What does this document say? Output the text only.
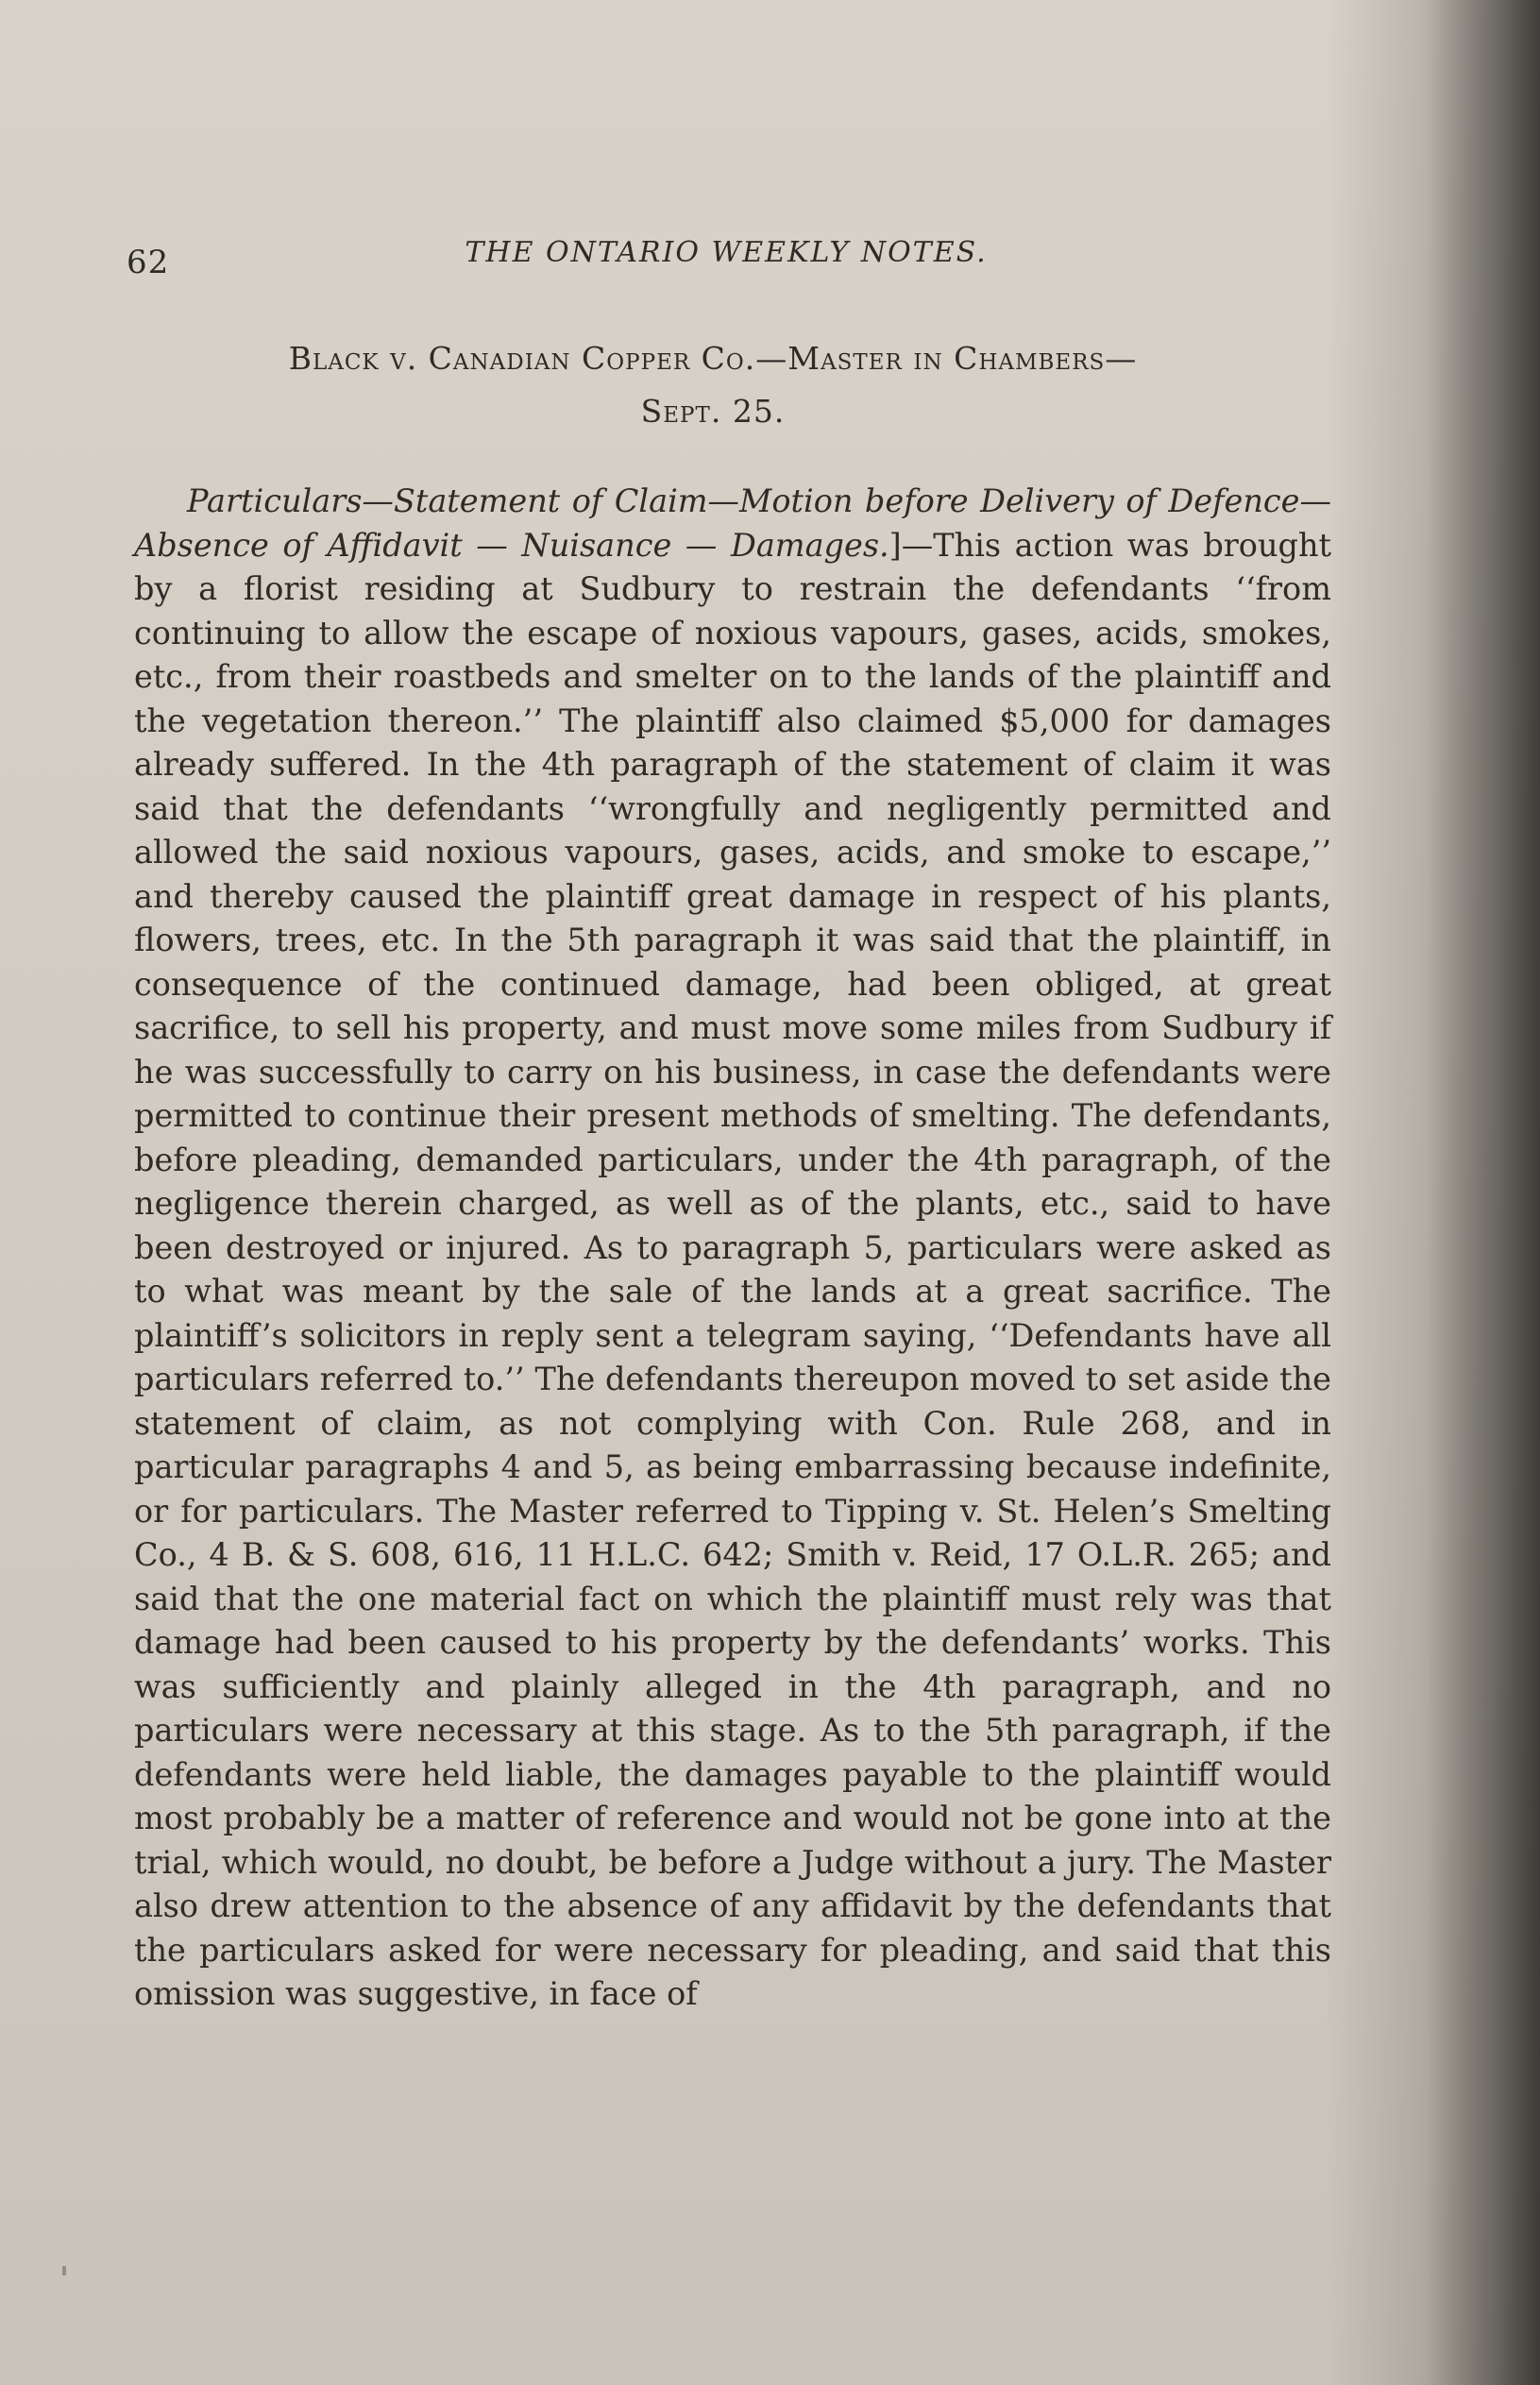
62	THE ONTARIO WEEKLY NOTES.
Black v. Canadian Copper Co.—Master in Chambers—
Sept. 25.

Particulars—Statement of Claim—Motion before Delivery of Defence—Absence of Affidavit — Nuisance — Damages.]—This action was brought by a florist residing at Sudbury to restrain the defendants ‘‘from continuing to allow the escape of noxious vapours, gases, acids, smokes, etc., from their roastbeds and smelter on to the lands of the plaintiff and the vegetation thereon.’’ The plaintiff also claimed $5,000 for damages already suffered. In the 4th paragraph of the statement of claim it was said that the defendants ‘‘wrongfully and negligently permitted and allowed the said noxious vapours, gases, acids, and smoke to escape,’’ and thereby caused the plaintiff great damage in respect of his plants, flowers, trees, etc. In the 5th paragraph it was said that the plaintiff, in consequence of the continued damage, had been obliged, at great sacrifice, to sell his property, and must move some miles from Sudbury if he was successfully to carry on his business, in case the defendants were permitted to continue their present methods of smelting. The defendants, before pleading, demanded particulars, under the 4th paragraph, of the negligence therein charged, as well as of the plants, etc., said to have been destroyed or injured. As to paragraph 5, particulars were asked as to what was meant by the sale of the lands at a great sacrifice. The plaintiff’s solicitors in reply sent a telegram saying, ‘‘Defendants have all particulars referred to.’’ The defendants thereupon moved to set aside the statement of claim, as not complying with Con. Rule 268, and in particular paragraphs 4 and 5, as being embarrassing because indefinite, or for particulars. The Master referred to Tipping v. St. Helen’s Smelting Co., 4 B. & S. 608, 616, 11 H.L.C. 642; Smith v. Reid, 17 O.L.R. 265; and said that the one material fact on which the plaintiff must rely was that damage had been caused to his property by the defendants’ works. This was sufficiently and plainly alleged in the 4th paragraph, and no particulars were necessary at this stage. As to the 5th paragraph, if the defendants were held liable, the damages payable to the plaintiff would most probably be a matter of reference and would not be gone into at the trial, which would, no doubt, be before a Judge without a jury. The Master also drew attention to the absence of any affidavit by the defendants that the particulars asked for were necessary for pleading, and said that this omission was suggestive, in face of
